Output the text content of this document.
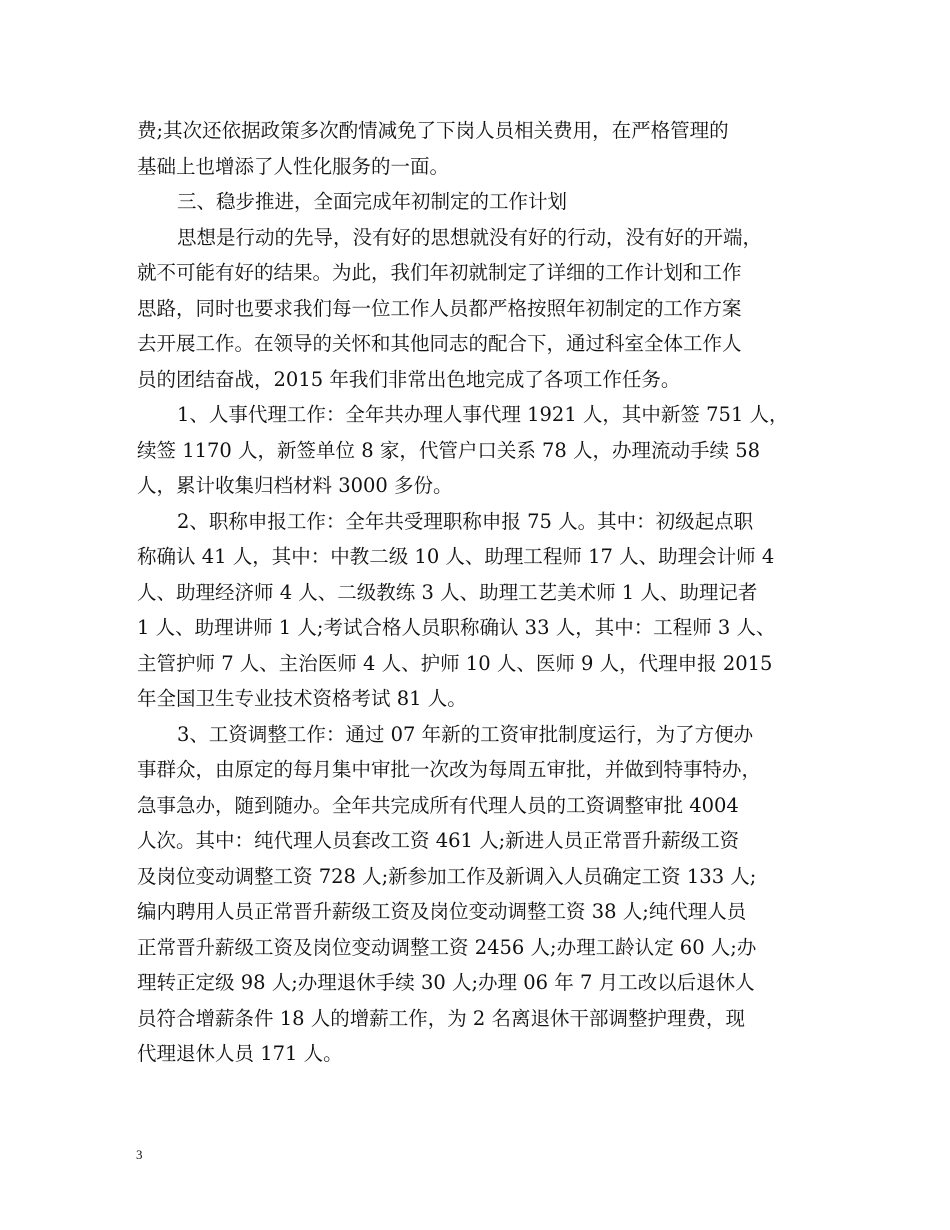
费;其次还依据政策多次酌情减免了下岗人员相关费用，在严格管理的
基础上也增添了人性化服务的一面。
三、稳步推进，全面完成年初制定的工作计划
思想是行动的先导，没有好的思想就没有好的行动，没有好的开端，
就不可能有好的结果。为此，我们年初就制定了详细的工作计划和工作
思路，同时也要求我们每一位工作人员都严格按照年初制定的工作方案
去开展工作。在领导的关怀和其他同志的配合下，通过科室全体工作人
员的团结奋战，2015 年我们非常出色地完成了各项工作任务。
1、人事代理工作：全年共办理人事代理 1921 人，其中新签 751 人，
续签 1170 人，新签单位 8 家，代管户口关系 78 人，办理流动手续 58
人，累计收集归档材料 3000 多份。
2、职称申报工作：全年共受理职称申报 75 人。其中：初级起点职
称确认 41 人，其中：中教二级 10 人、助理工程师 17 人、助理会计师 4
人、助理经济师 4 人、二级教练 3 人、助理工艺美术师 1 人、助理记者
1 人、助理讲师 1 人;考试合格人员职称确认 33 人，其中：工程师 3 人、
主管护师 7 人、主治医师 4 人、护师 10 人、医师 9 人，代理申报 2015
年全国卫生专业技术资格考试 81 人。
3、工资调整工作：通过 07 年新的工资审批制度运行，为了方便办
事群众，由原定的每月集中审批一次改为每周五审批，并做到特事特办，
急事急办，随到随办。全年共完成所有代理人员的工资调整审批 4004
人次。其中：纯代理人员套改工资 461 人;新进人员正常晋升薪级工资
及岗位变动调整工资 728 人;新参加工作及新调入人员确定工资 133 人;
编内聘用人员正常晋升薪级工资及岗位变动调整工资 38 人;纯代理人员
正常晋升薪级工资及岗位变动调整工资 2456 人;办理工龄认定 60 人;办
理转正定级 98 人;办理退休手续 30 人;办理 06 年 7 月工改以后退休人
员符合增薪条件 18 人的增薪工作，为 2 名离退休干部调整护理费，现
代理退休人员 171 人。
3
